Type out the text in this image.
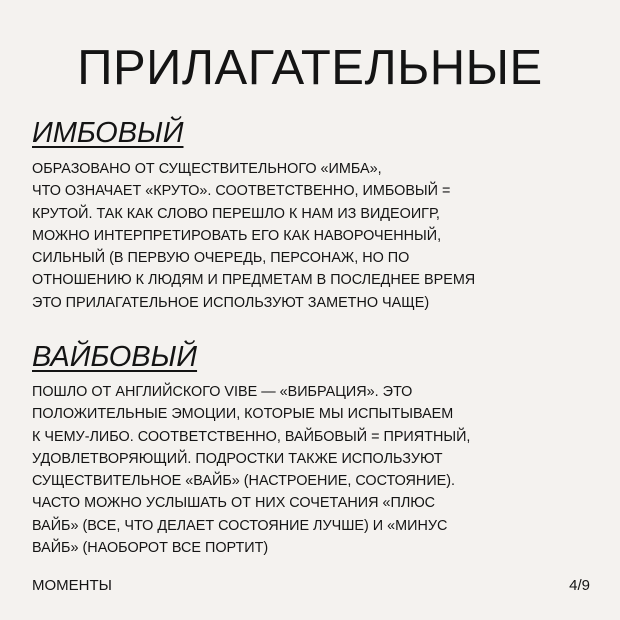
ПРИЛАГАТЕЛЬНЫЕ
ИМБОВЫЙ
ОБРАЗОВАНО ОТ СУЩЕСТВИТЕЛЬНОГО «ИМБА»,
ЧТО ОЗНАЧАЕТ «КРУТО». СООТВЕТСТВЕННО, ИМБОВЫЙ =
КРУТОЙ. ТАК КАК СЛОВО ПЕРЕШЛО К НАМ ИЗ ВИДЕОИГР,
МОЖНО ИНТЕРПРЕТИРОВАТЬ ЕГО КАК НАВОРОЧЕННЫЙ,
СИЛЬНЫЙ (В ПЕРВУЮ ОЧЕРЕДЬ, ПЕРСОНАЖ, НО ПО
ОТНОШЕНИЮ К ЛЮДЯМ И ПРЕДМЕТАМ В ПОСЛЕДНЕЕ ВРЕМЯ
ЭТО ПРИЛАГАТЕЛЬНОЕ ИСПОЛЬЗУЮТ ЗАМЕТНО ЧАЩЕ)
ВАЙБОВЫЙ
ПОШЛО ОТ АНГЛИЙСКОГО VIBE — «ВИБРАЦИЯ». ЭТО
ПОЛОЖИТЕЛЬНЫЕ ЭМОЦИИ, КОТОРЫЕ МЫ ИСПЫТЫВАЕМ
К ЧЕМУ-ЛИБО. СООТВЕТСТВЕННО, ВАЙБОВЫЙ = ПРИЯТНЫЙ,
УДОВЛЕТВОРЯЮЩИЙ. ПОДРОСТКИ ТАКЖЕ ИСПОЛЬЗУЮТ
СУЩЕСТВИТЕЛЬНОЕ «ВАЙБ» (НАСТРОЕНИЕ, СОСТОЯНИЕ).
ЧАСТО МОЖНО УСЛЫШАТЬ ОТ НИХ СОЧЕТАНИЯ «ПЛЮС
ВАЙБ» (ВСЕ, ЧТО ДЕЛАЕТ СОСТОЯНИЕ ЛУЧШЕ) И «МИНУС
ВАЙБ» (НАОБОРОТ ВСЕ ПОРТИТ)
МОМЕНТЫ	4/9
